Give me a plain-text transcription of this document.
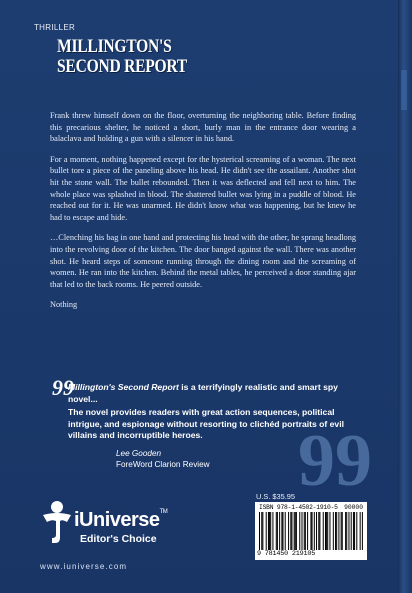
THRILLER
MILLINGTON'S
SECOND REPORT

Frank threw himself down on the floor, overturning the neighboring table. Before finding this precarious shelter, he noticed a short, burly man in the entrance door wearing a balaclava and holding a gun with a silencer in his hand.

For a moment, nothing happened except for the hysterical screaming of a woman. The next bullet tore a piece of the paneling above his head. He didn't see the assailant. Another shot hit the stone wall. The bullet rebounded. Then it was deflected and fell next to him. The whole place was splashed in blood. The shattered bullet was lying in a puddle of blood. He reached out for it. He was unarmed. He didn't know what was happening, but he knew he had to escape and hide.

…Clenching his bag in one hand and protecting his head with the other, he sprang headlong into the revolving door of the kitchen. The door banged against the wall. There was another shot. He heard steps of someone running through the dining room and the screaming of women. He ran into the kitchen. Behind the metal tables, he perceived a door standing ajar that led to the back rooms. He peered outside.

Nothing

99
99
Millington's Second Report is a terrifyingly realistic and smart spy novel...
The novel provides readers with great action sequences, political intrigue, and espionage without resorting to clichéd portraits of evil villains and incorruptible heroes.
Lee Gooden
ForeWord Clarion Review
U.S. $35.95
ISBN 978-1-4502-1910-5
9 781450 219105
90000
iUniverse™
Editor's Choice
www.iuniverse.com
